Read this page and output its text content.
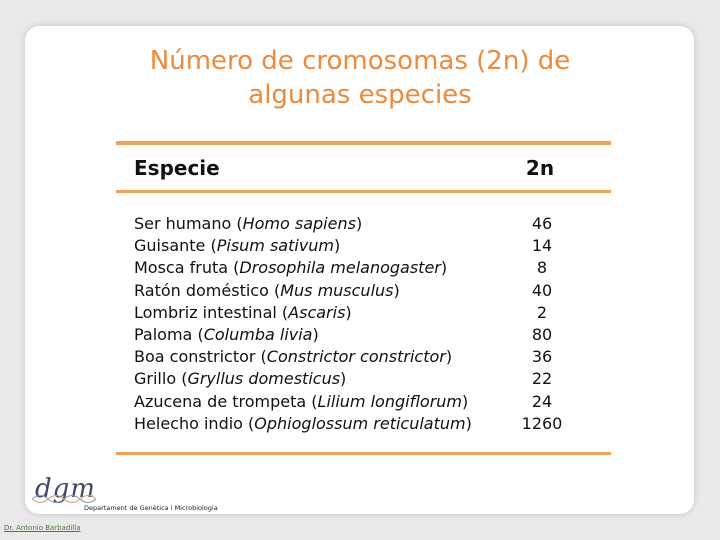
Número de cromosomas (2n) de
algunas especies
Especie	2n
Ser humano (Homo sapiens)	46
Guisante (Pisum sativum)	14
Mosca fruta (Drosophila melanogaster)	8
Ratón doméstico (Mus musculus)	40
Lombriz intestinal (Ascaris)	2
Paloma (Columba livia)	80
Boa constrictor (Constrictor constrictor)	36
Grillo (Gryllus domesticus)	22
Azucena de trompeta (Lilium longiflorum)	24
Helecho indio (Ophioglossum reticulatum)	1260
dgm
Departament de Genètica i Microbiologia
Dr. Antonio Barbadilla
